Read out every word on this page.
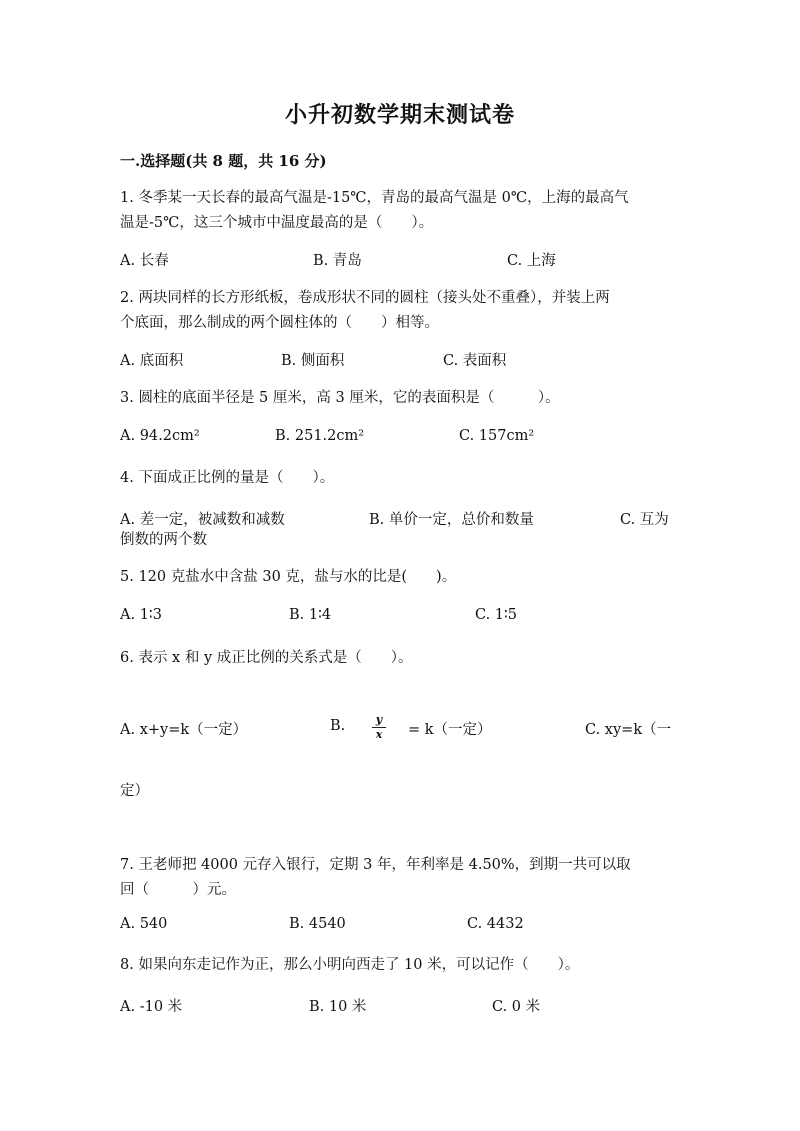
小升初数学期末测试卷
一.选择题(共 8 题，共 16 分)
1. 冬季某一天长春的最高气温是-15℃，青岛的最高气温是 0℃，上海的最高气
温是-5℃，这三个城市中温度最高的是（　　）。
A. 长春	B. 青岛	C. 上海
2. 两块同样的长方形纸板，卷成形状不同的圆柱（接头处不重叠），并装上两
个底面，那么制成的两个圆柱体的（　　）相等。
A. 底面积	B. 侧面积	C. 表面积
3. 圆柱的底面半径是 5 厘米，高 3 厘米，它的表面积是（　　　）。
A. 94.2cm²	B. 251.2cm²	C. 157cm²
4. 下面成正比例的量是（　　）。
A. 差一定，被减数和减数	B. 单价一定，总价和数量	C. 互为
倒数的两个数
5. 120 克盐水中含盐 30 克，盐与水的比是(　　)。
A. 1∶3	B. 1∶4	C. 1∶5
6. 表示 x 和 y 成正比例的关系式是（　　）。
A. x+y=k（一定）	B.	y
x = k（一定）	C. xy=k（一
定）
7. 王老师把 4000 元存入银行，定期 3 年，年利率是 4.50%，到期一共可以取
回（　　　）元。
A. 540	B. 4540	C. 4432
8. 如果向东走记作为正，那么小明向西走了 10 米，可以记作（　　）。
A. -10 米	B. 10 米	C. 0 米
